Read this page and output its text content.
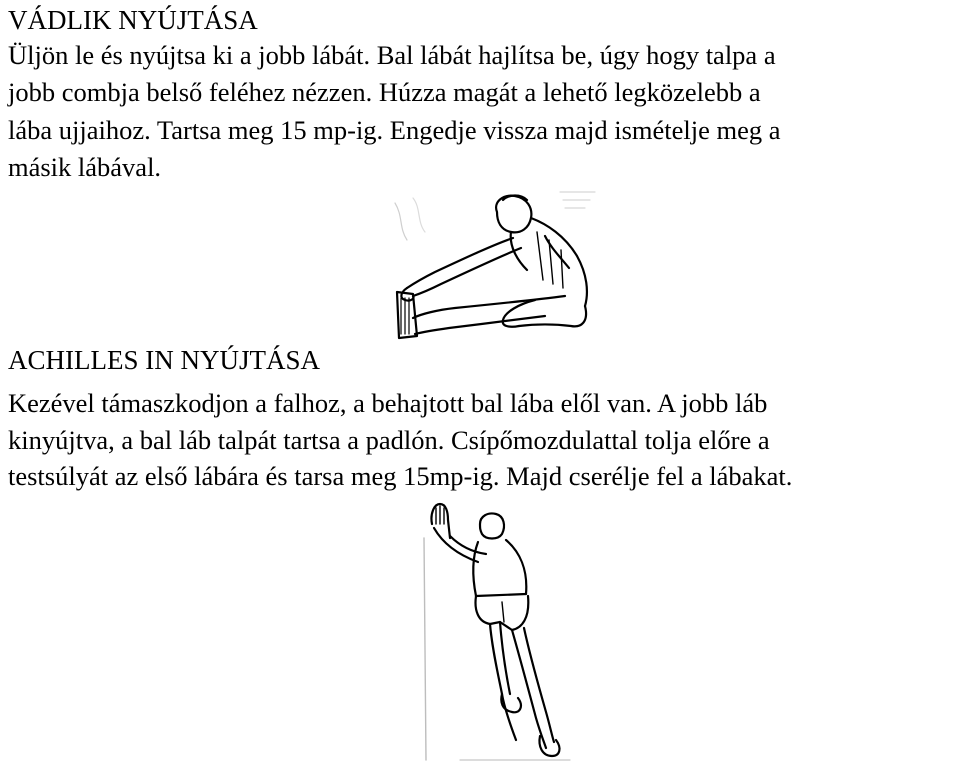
VÁDLIK NYÚJTÁSA
Üljön le és nyújtsa ki a jobb lábát. Bal lábát hajlítsa be, úgy hogy talpa a
jobb combja belső feléhez nézzen. Húzza magát a lehető legközelebb a
lába ujjaihoz. Tartsa meg 15 mp-ig. Engedje vissza majd ismételje meg a
másik lábával.
ACHILLES IN NYÚJTÁSA
Kezével támaszkodjon a falhoz, a behajtott bal lába elől van. A jobb láb
kinyújtva, a bal láb talpát tartsa a padlón. Csípőmozdulattal tolja előre a
testsúlyát az első lábára és tarsa meg 15mp-ig. Majd cserélje fel a lábakat.
